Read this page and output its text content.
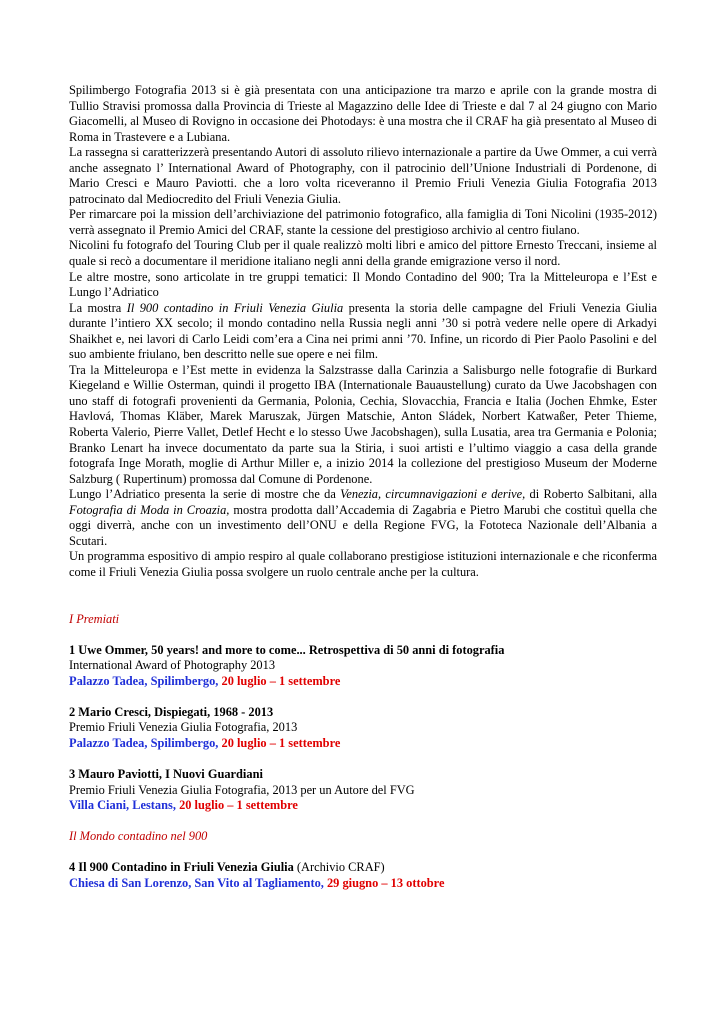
Spilimbergo Fotografia 2013 si è già presentata con una anticipazione tra marzo e aprile con la grande mostra di Tullio Stravisi promossa dalla Provincia di Trieste al Magazzino delle Idee di Trieste e dal 7 al 24 giugno con Mario Giacomelli, al Museo di Rovigno in occasione dei Photodays: è una mostra che il CRAF ha già presentato al Museo di Roma in Trastevere e a Lubiana.

La rassegna si caratterizzerà presentando Autori di assoluto rilievo internazionale a partire da Uwe Ommer, a cui verrà anche assegnato l’ International Award of Photography, con il patrocinio dell’Unione Industriali di Pordenone, di Mario Cresci e Mauro Paviotti. che a loro volta riceveranno il Premio Friuli Venezia Giulia Fotografia 2013 patrocinato dal Mediocredito del Friuli Venezia Giulia.

Per rimarcare poi la mission dell’archiviazione del patrimonio fotografico, alla famiglia di Toni Nicolini (1935-2012) verrà assegnato il Premio Amici del CRAF, stante la cessione del prestigioso archivio al centro fiulano.

Nicolini fu fotografo del Touring Club per il quale realizzò molti libri e amico del pittore Ernesto Treccani, insieme al quale si recò a documentare il meridione italiano negli anni della grande emigrazione verso il nord.

Le altre mostre, sono articolate in tre gruppi tematici: Il Mondo Contadino del 900; Tra la Mitteleuropa e l’Est e Lungo l’Adriatico

La mostra Il 900 contadino in Friuli Venezia Giulia presenta la storia delle campagne del Friuli Venezia Giulia durante l’intiero XX secolo; il mondo contadino nella Russia negli anni ’30 si potrà vedere nelle opere di Arkadyi Shaikhet e, nei lavori di Carlo Leidi com’era a Cina nei primi anni ’70. Infine, un ricordo di Pier Paolo Pasolini e del suo ambiente friulano, ben descritto nelle sue opere e nei film.

Tra la Mitteleuropa e l’Est mette in evidenza la Salzstrasse dalla Carinzia a Salisburgo nelle fotografie di Burkard Kiegeland e Willie Osterman, quindi il progetto IBA (Internationale Bauaustellung) curato da Uwe Jacobshagen con uno staff di fotografi provenienti da Germania, Polonia, Cechia, Slovacchia, Francia e Italia (Jochen Ehmke, Ester Havlová, Thomas Kläber, Marek Maruszak, Jürgen Matschie, Anton Sládek, Norbert Katwaßer, Peter Thieme, Roberta Valerio, Pierre Vallet, Detlef Hecht e lo stesso Uwe Jacobshagen), sulla Lusatia, area tra Germania e Polonia; Branko Lenart ha invece documentato da parte sua la Stiria, i suoi artisti e l’ultimo viaggio a casa della grande fotografa Inge Morath, moglie di Arthur Miller e, a inizio 2014 la collezione del prestigioso Museum der Moderne Salzburg ( Rupertinum) promossa dal Comune di Pordenone.

Lungo l’Adriatico presenta la serie di mostre che da Venezia, circumnavigazioni e derive, di Roberto Salbitani, alla Fotografia di Moda in Croazia, mostra prodotta dall’Accademia di Zagabria e Pietro Marubi che costituì quella che oggi diverrà, anche con un investimento dell’ONU e della Regione FVG, la Fototeca Nazionale dell’Albania a Scutari.

Un programma espositivo di ampio respiro al quale collaborano prestigiose istituzioni internazionale e che riconferma come il Friuli Venezia Giulia possa svolgere un ruolo centrale anche per la cultura.

I Premiati

1 Uwe Ommer, 50 years! and more to come... Retrospettiva di 50 anni di fotografia

International Award of Photography 2013

Palazzo Tadea, Spilimbergo, 20 luglio – 1 settembre

2 Mario Cresci, Dispiegati, 1968 - 2013

Premio Friuli Venezia Giulia Fotografia, 2013

Palazzo Tadea, Spilimbergo, 20 luglio – 1 settembre

3 Mauro Paviotti, I Nuovi Guardiani

Premio Friuli Venezia Giulia Fotografia, 2013 per un Autore del FVG

Villa Ciani, Lestans, 20 luglio – 1 settembre

Il Mondo contadino nel 900

4 Il 900 Contadino in Friuli Venezia Giulia (Archivio CRAF)

Chiesa di San Lorenzo, San Vito al Tagliamento, 29 giugno – 13 ottobre
